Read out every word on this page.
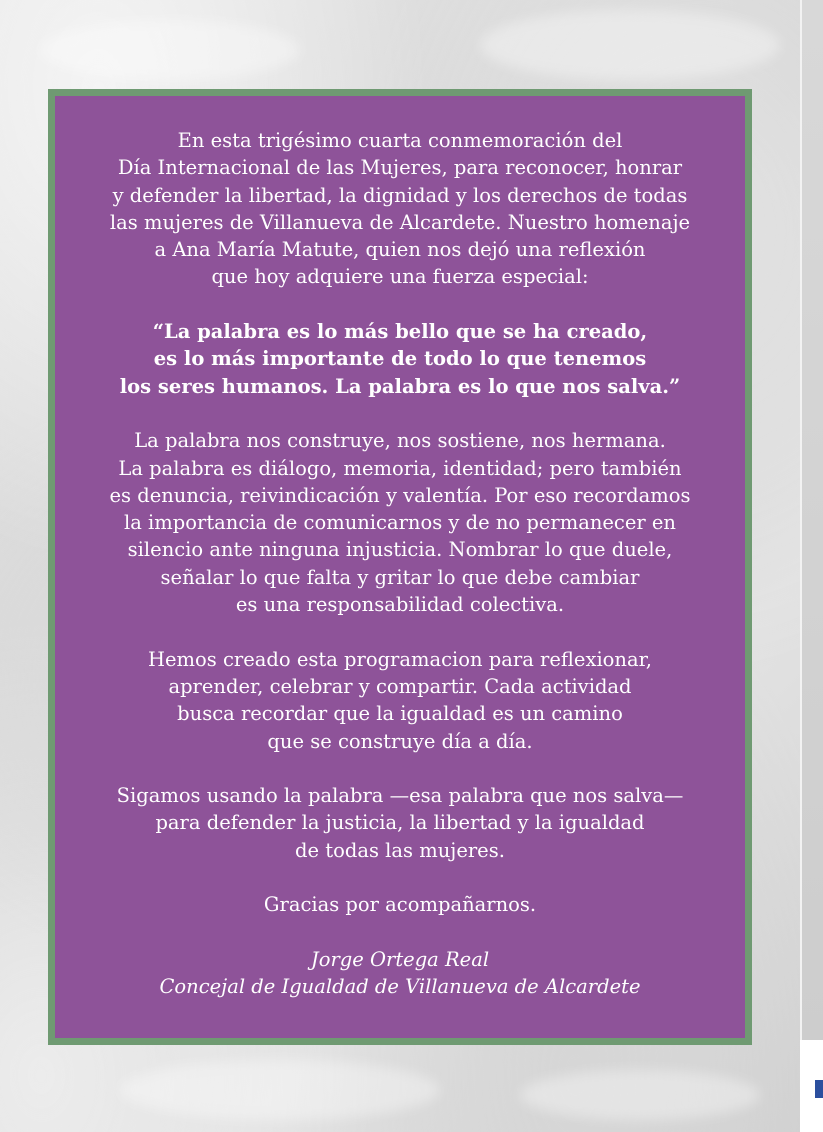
En esta trigésimo cuarta conmemoración del
Día Internacional de las Mujeres, para reconocer, honrar
y defender la libertad, la dignidad y los derechos de todas
las mujeres de Villanueva de Alcardete. Nuestro homenaje
a Ana María Matute, quien nos dejó una reflexión
que hoy adquiere una fuerza especial:
“La palabra es lo más bello que se ha creado,
es lo más importante de todo lo que tenemos
los seres humanos. La palabra es lo que nos salva.”
La palabra nos construye, nos sostiene, nos hermana.
La palabra es diálogo, memoria, identidad; pero también
es denuncia, reivindicación y valentía. Por eso recordamos
la importancia de comunicarnos y de no permanecer en
silencio ante ninguna injusticia. Nombrar lo que duele,
señalar lo que falta y gritar lo que debe cambiar
es una responsabilidad colectiva.
Hemos creado esta programacion para reflexionar,
aprender, celebrar y compartir. Cada actividad
busca recordar que la igualdad es un camino
que se construye día a día.
Sigamos usando la palabra —esa palabra que nos salva—
para defender la justicia, la libertad y la igualdad
de todas las mujeres.
Gracias por acompañarnos.
Jorge Ortega Real
Concejal de Igualdad de Villanueva de Alcardete
